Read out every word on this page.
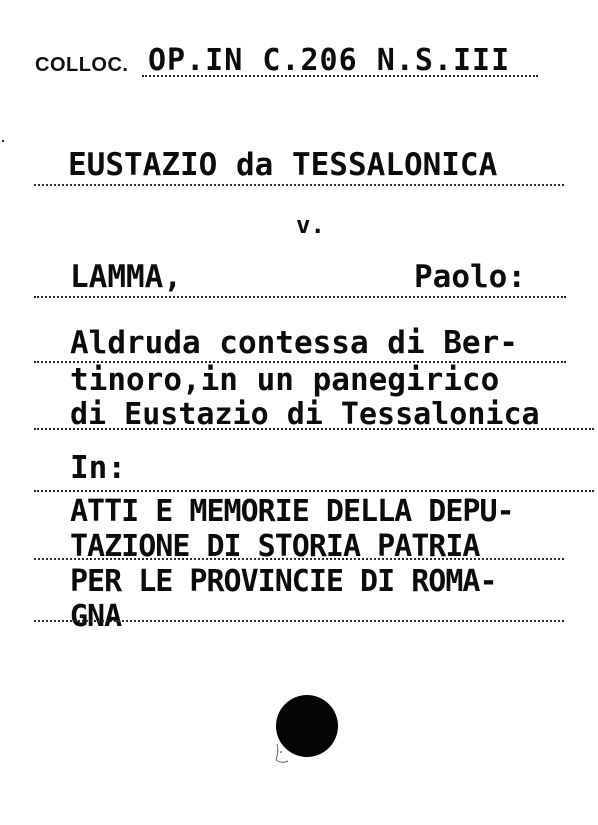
COLLOC. OP.IN C.206 N.S.III
EUSTAZIO da TESSALONICA
v.
LAMMA,	Paolo:
Aldruda contessa di Ber-
tinoro,in un panegirico
di Eustazio di Tessalonica
In:
ATTI E MEMORIE DELLA DEPU-
TAZIONE DI STORIA PATRIA
PER LE PROVINCIE DI ROMA-
GNA
